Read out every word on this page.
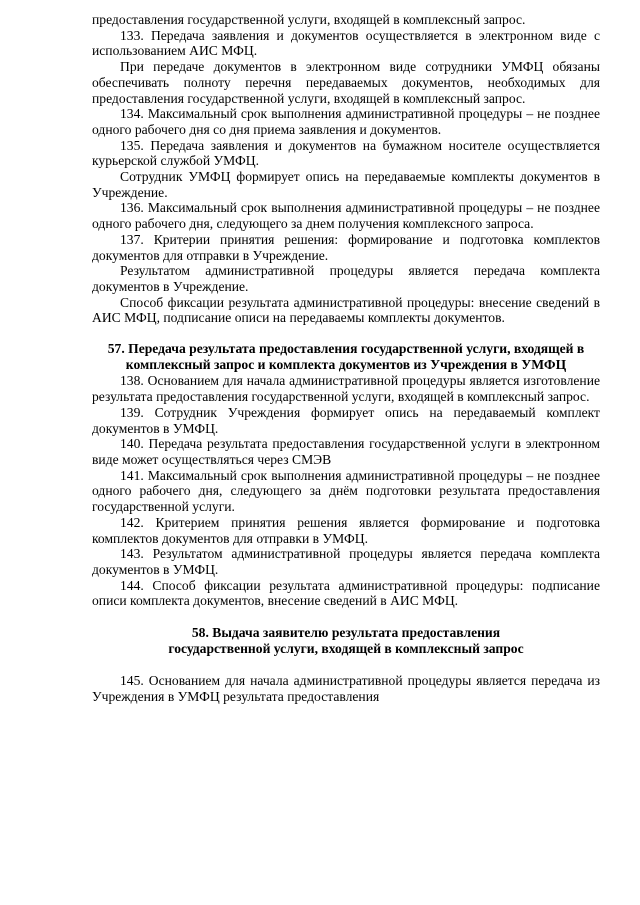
предоставления государственной услуги, входящей в комплексный запрос.

133. Передача заявления и документов осуществляется в электронном виде с использованием АИС МФЦ.

При передаче документов в электронном виде сотрудники УМФЦ обязаны обеспечивать полноту перечня передаваемых документов, необходимых для предоставления государственной услуги, входящей в комплексный запрос.

134. Максимальный срок выполнения административной процедуры – не позднее одного рабочего дня со дня приема заявления и документов.

135. Передача заявления и документов на бумажном носителе осуществляется курьерской службой УМФЦ.

Сотрудник УМФЦ формирует опись на передаваемые комплекты документов в Учреждение.

136. Максимальный срок выполнения административной процедуры – не позднее одного рабочего дня, следующего за днем получения комплексного запроса.

137. Критерии принятия решения: формирование и подготовка комплектов документов для отправки в Учреждение.

Результатом административной процедуры является передача комплекта документов в Учреждение.

Способ фиксации результата административной процедуры: внесение сведений в АИС МФЦ, подписание описи на передаваемы комплекты документов.

57. Передача результата предоставления государственной услуги, входящей в комплексный запрос и комплекта документов из Учреждения в УМФЦ

138. Основанием для начала административной процедуры является изготовление результата предоставления государственной услуги, входящей в комплексный запрос.

139. Сотрудник Учреждения формирует опись на передаваемый комплект документов в УМФЦ.

140. Передача результата предоставления государственной услуги в электронном виде может осуществляться через СМЭВ

141. Максимальный срок выполнения административной процедуры – не позднее одного рабочего дня, следующего за днём подготовки результата предоставления государственной услуги.

142. Критерием принятия решения является формирование и подготовка комплектов документов для отправки в УМФЦ.

143. Результатом административной процедуры является передача комплекта документов в УМФЦ.

144. Способ фиксации результата административной процедуры: подписание описи комплекта документов, внесение сведений в АИС МФЦ.

58. Выдача заявителю результата предоставления

государственной услуги, входящей в комплексный запрос

145. Основанием для начала административной процедуры является передача из Учреждения в УМФЦ результата предоставления
